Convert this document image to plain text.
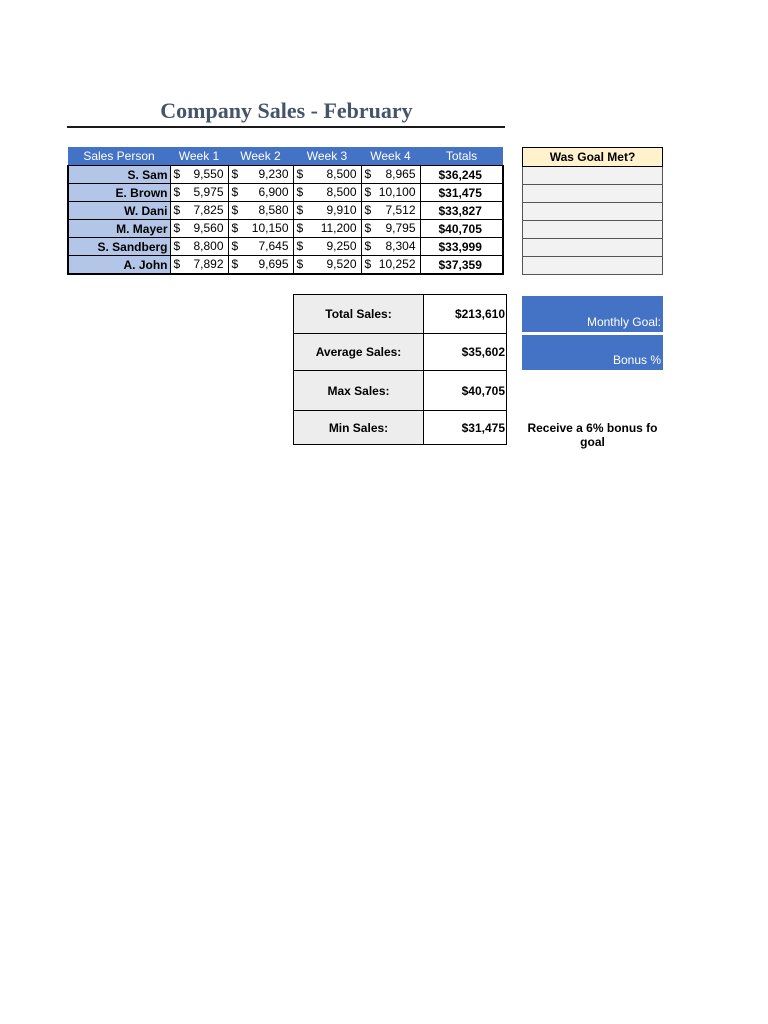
Company Sales - February
Sales Person	Week 1	Week 2	Week 3	Week 4	Totals
S. Sam	$ 9,550	$ 9,230	$ 8,500	$ 8,965	$36,245
E. Brown	$ 5,975	$ 6,900	$ 8,500	$ 10,100	$31,475
W. Dani	$ 7,825	$ 8,580	$ 9,910	$ 7,512	$33,827
M. Mayer	$ 9,560	$ 10,150	$ 11,200	$ 9,795	$40,705
S. Sandberg	$ 8,800	$ 7,645	$ 9,250	$ 8,304	$33,999
A. John	$ 7,892	$ 9,695	$ 9,520	$ 10,252	$37,359
Was Goal Met?

Total Sales:	$213,610
Average Sales:	$35,602
Max Sales:	$40,705
Min Sales:	$31,475
Monthly Goal:
Bonus %
Receive a 6% bonus fo
goal
